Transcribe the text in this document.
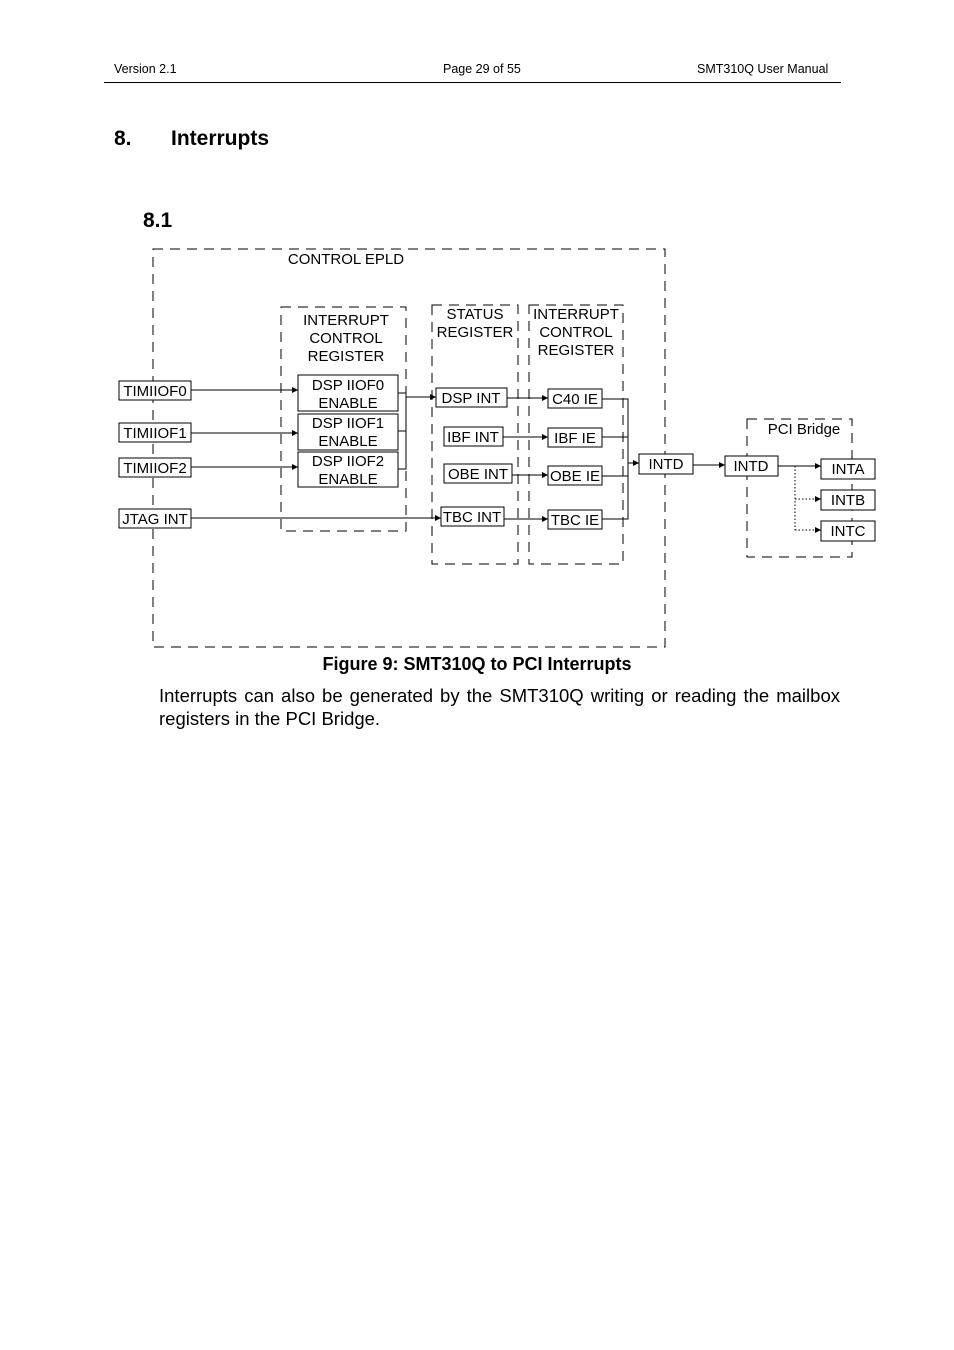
Version 2.1	Page 29 of 55	SMT310Q User Manual
8. Interrupts
8.1
CONTROL EPLD
INTERRUPT
CONTROL
REGISTER
STATUS
REGISTER
INTERRUPT
CONTROL
REGISTER
PCI Bridge
TIMIIOF0
TIMIIOF1
TIMIIOF2
JTAG INT
DSP IIOF0
ENABLE
DSP IIOF1
ENABLE
DSP IIOF2
ENABLE
DSP INT
IBF INT
OBE INT
TBC INT
C40 IE
IBF IE
OBE IE
TBC IE
INTD	INTD	INTA
INTB
INTC
Figure 9: SMT310Q to PCI Interrupts
Interrupts can also be generated by the SMT310Q writing or reading the mailbox registers in the PCI Bridge.
